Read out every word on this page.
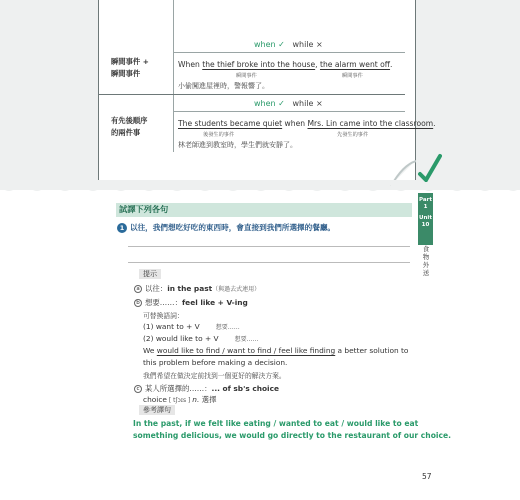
when ✓ while ×
瞬間事件 +
瞬間事件
When the thief broke into the house, the alarm went off.
瞬間事件	瞬間事件
小偷闖進屋裡時，警報響了。
when ✓ while ×
有先後順序
的兩件事
The students became quiet when Mrs. Lin came into the classroom.
後發生的事件	先發生的事件
林老師進到教室時，學生們就安靜了。
Part
1
Unit
10
食
物
外
送
試譯下列各句
1 以往，我們想吃好吃的東西時，會直接到我們所選擇的餐廳。
提示
a 以往：in the past（與過去式連用）
b 想要……：feel like + V-ing
可替換語詞：
(1) want to + V	想要……
(2) would like to + V	想要……
We would like to find / want to find / feel like finding a better solution to
this problem before making a decision.
我們希望在做決定前找到一個更好的解決方案。
c 某人所選擇的……：... of sb's choice
choice [ tʃɔɪs ] n. 選擇
參考譯句
In the past, if we felt like eating / wanted to eat / would like to eat
something delicious, we would go directly to the restaurant of our choice.
57
